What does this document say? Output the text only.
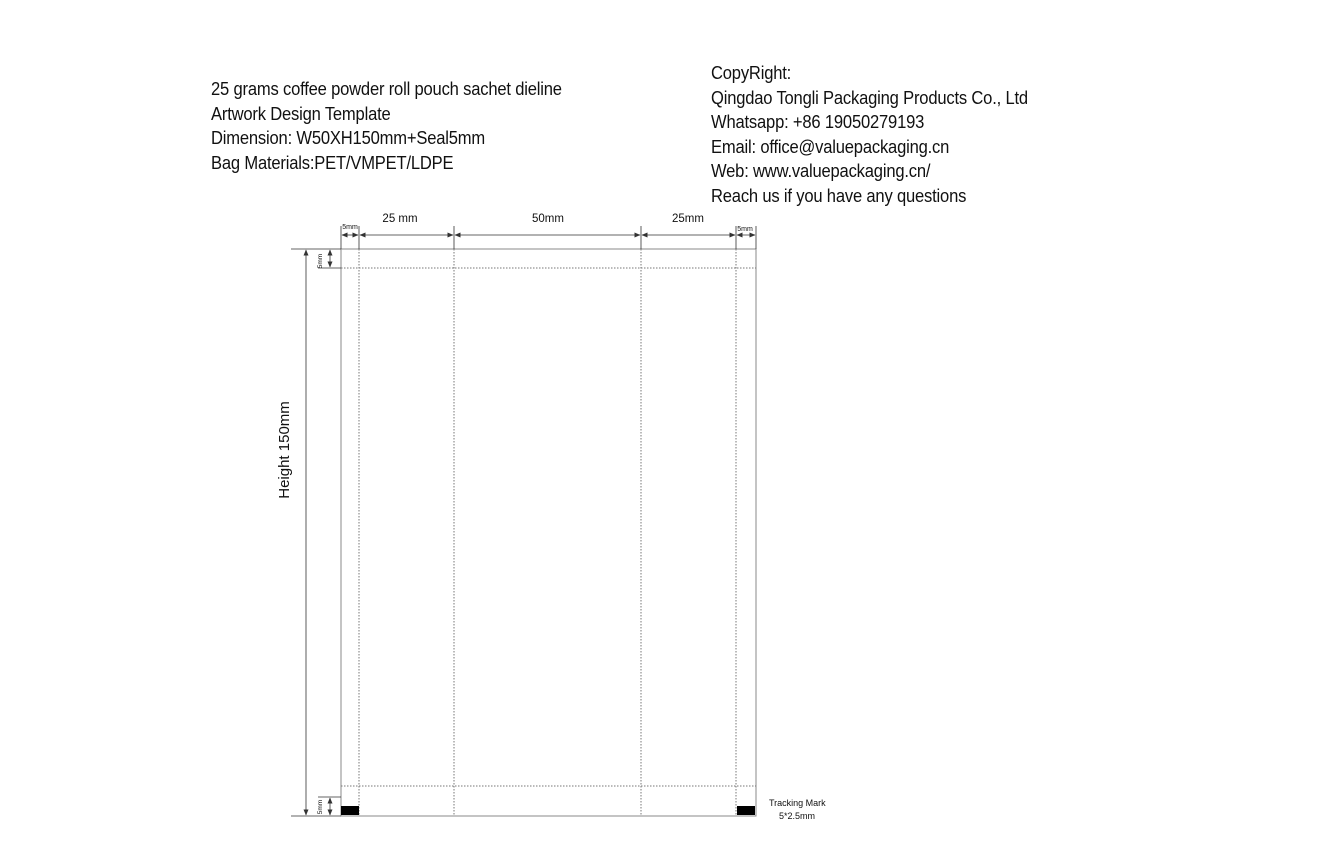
25 grams coffee powder roll pouch sachet dieline
Artwork Design Template
Dimension: W50XH150mm+Seal5mm
Bag Materials:PET/VMPET/LDPE
CopyRight:
Qingdao Tongli Packaging Products Co., Ltd
Whatsapp: +86 19050279193
Email: office@valuepackaging.cn
Web: www.valuepackaging.cn/
Reach us if you have any questions
5mm
25 mm	50mm	25mm
5mm
Height 150mm
5mm
5mm	Tracking Mark
5*2.5mm
